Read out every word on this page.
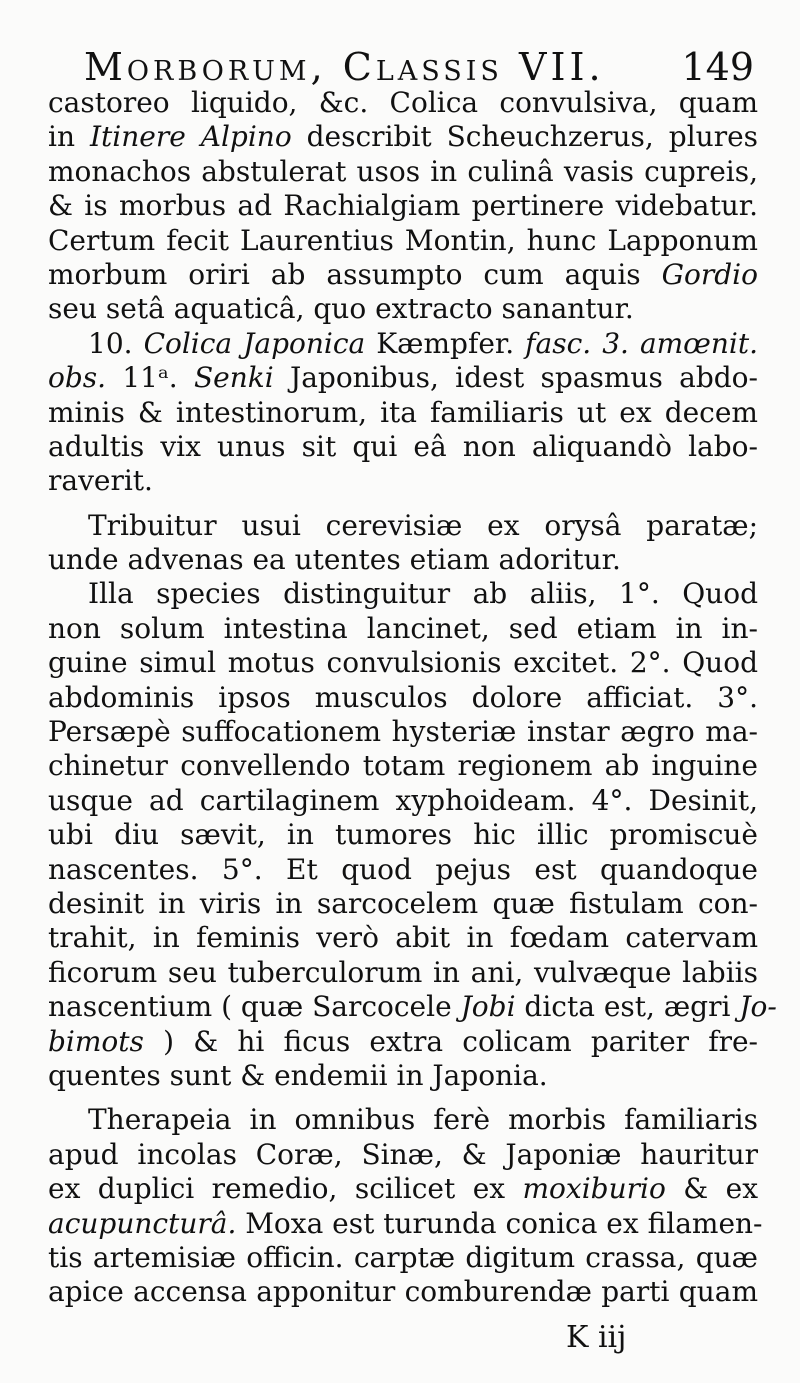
Morborum, Classis VII. 149
castoreo liquido, &c. Colica convulsiva, quam
in Itinere Alpino describit Scheuchzerus, plures
monachos abstulerat usos in culinâ vasis cupreis,
& is morbus ad Rachialgiam pertinere videbatur.
Certum fecit Laurentius Montin, hunc Lapponum
morbum oriri ab assumpto cum aquis Gordio
seu setâ aquaticâ, quo extracto sanantur.
10. Colica Japonica Kæmpfer. fasc. 3. amœnit.
obs. 11ᵃ. Senki Japonibus, idest spasmus abdo-
minis & intestinorum, ita familiaris ut ex decem
adultis vix unus sit qui eâ non aliquandò labo-
raverit.
Tribuitur usui cerevisiæ ex orysâ paratæ;
unde advenas ea utentes etiam adoritur.
Illa species distinguitur ab aliis, 1°. Quod
non solum intestina lancinet, sed etiam in in-
guine simul motus convulsionis excitet. 2°. Quod
abdominis ipsos musculos dolore afficiat. 3°.
Persæpè suffocationem hysteriæ instar ægro ma-
chinetur convellendo totam regionem ab inguine
usque ad cartilaginem xyphoideam. 4°. Desinit,
ubi diu sævit, in tumores hic illic promiscuè
nascentes. 5°. Et quod pejus est quandoque
desinit in viris in sarcocelem quæ fistulam con-
trahit, in feminis verò abit in fœdam catervam
ficorum seu tuberculorum in ani, vulvæque labiis
nascentium ( quæ Sarcocele Jobi dicta est, ægri Jo-
bimots ) & hi ficus extra colicam pariter fre-
quentes sunt & endemii in Japonia.
Therapeia in omnibus ferè morbis familiaris
apud incolas Coræ, Sinæ, & Japoniæ hauritur
ex duplici remedio, scilicet ex moxiburio & ex
acupuncturâ. Moxa est turunda conica ex filamen-
tis artemisiæ officin. carptæ digitum crassa, quæ
apice accensa apponitur comburendæ parti quam
K iij
